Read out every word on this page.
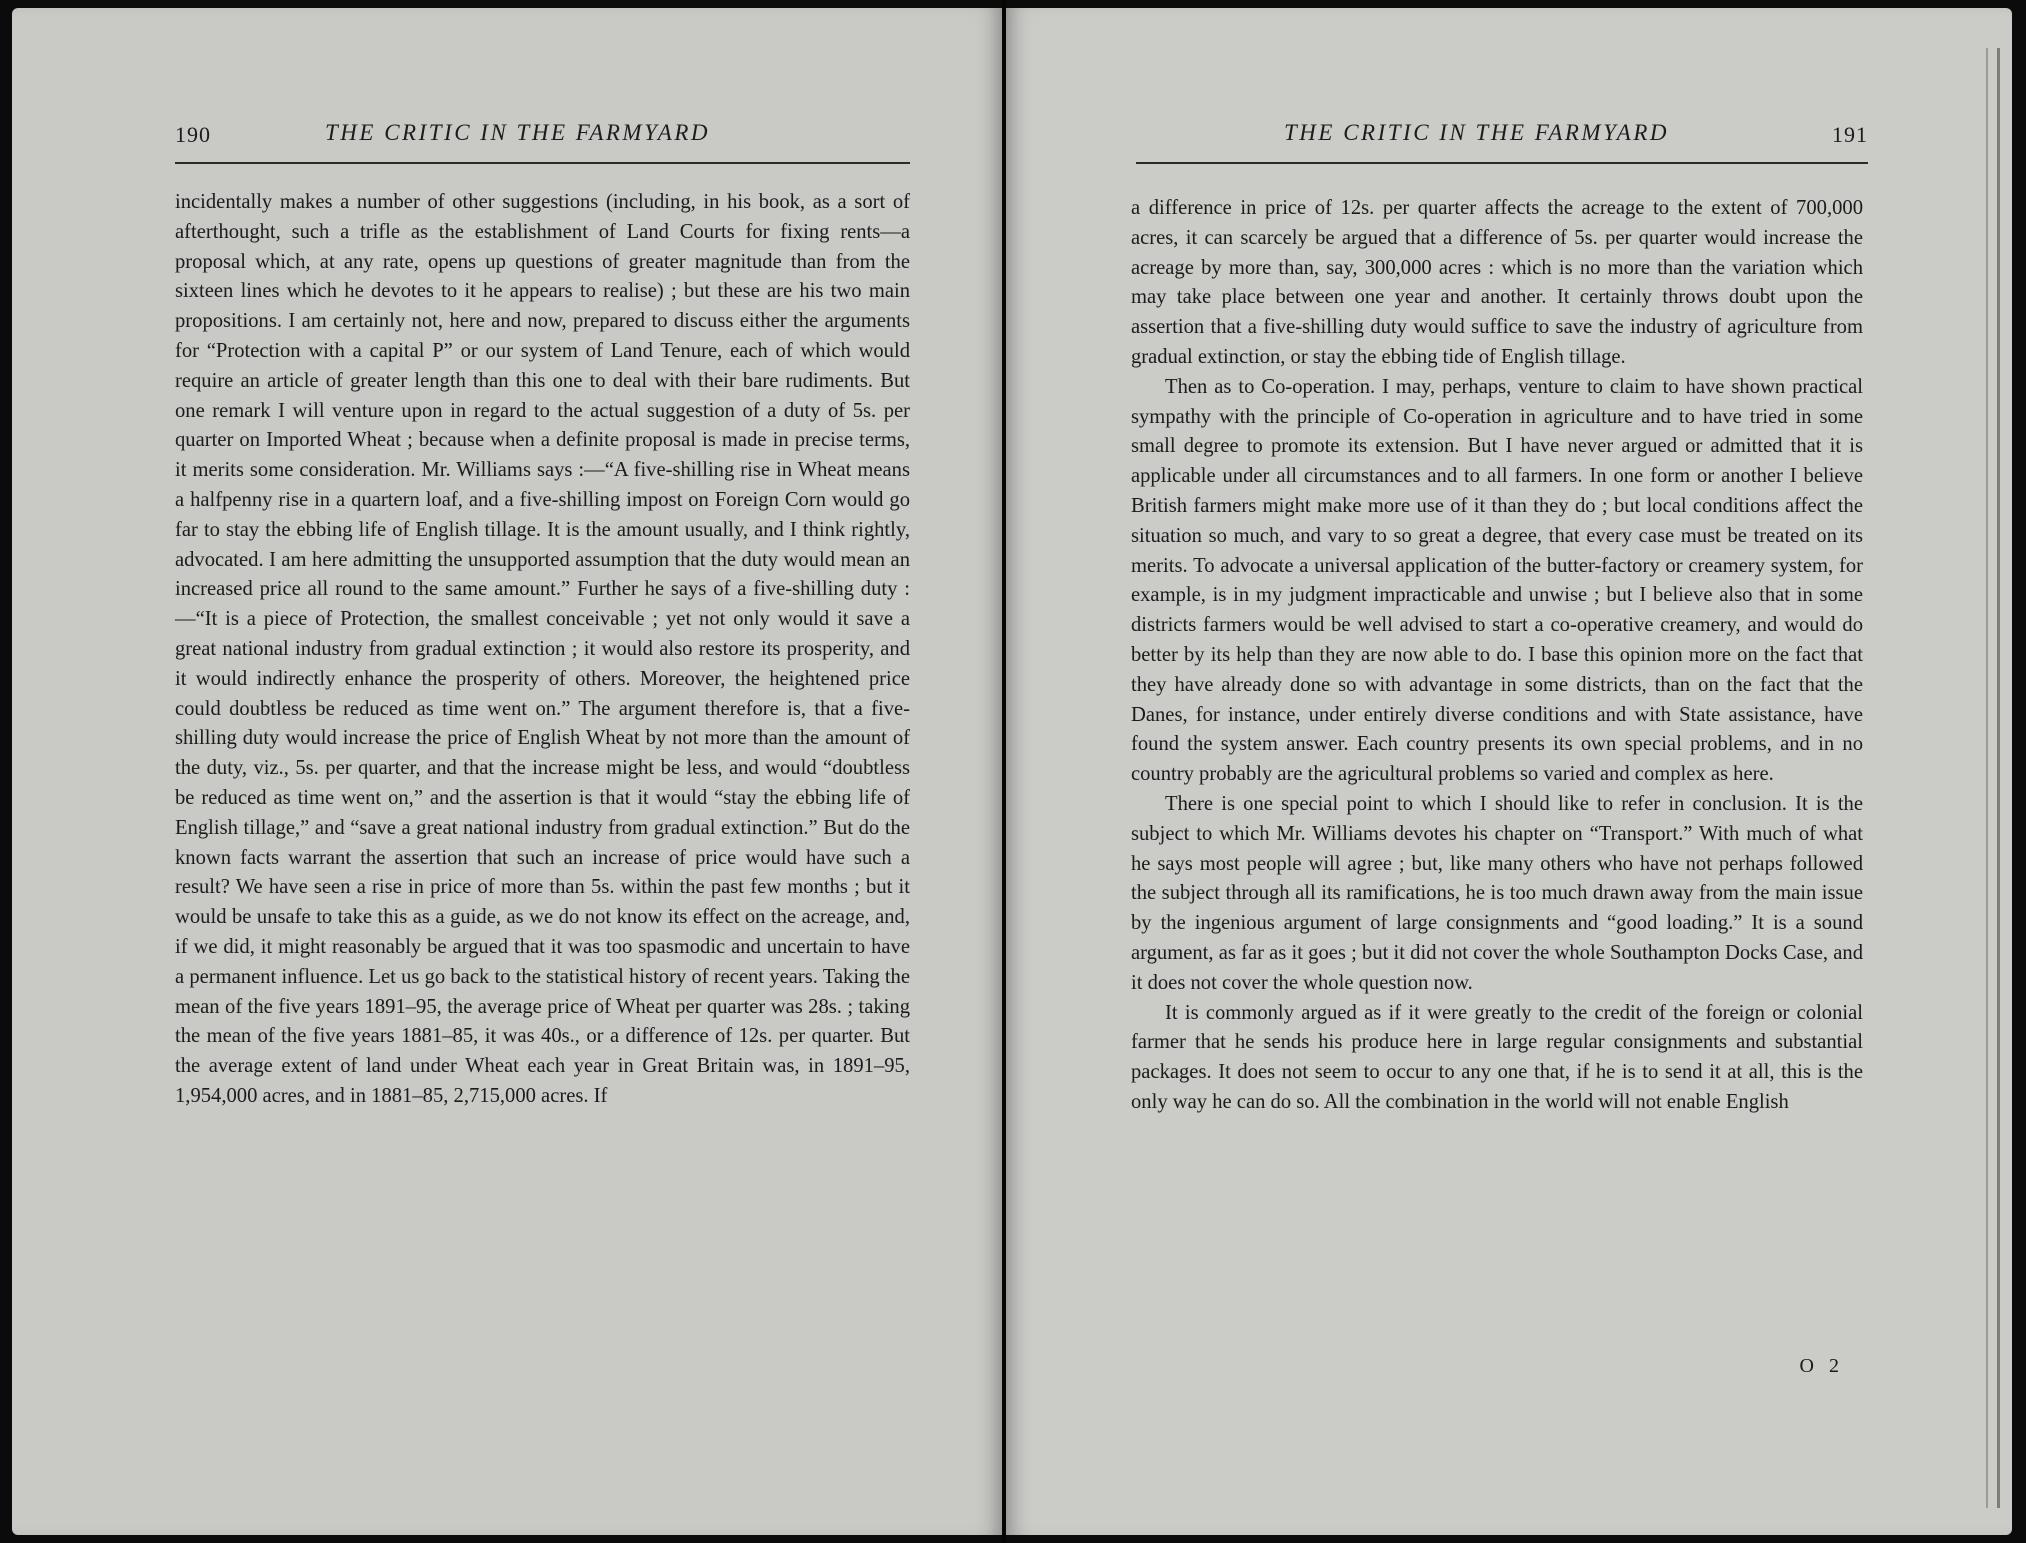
190	THE CRITIC IN THE FARMYARD

incidentally makes a number of other suggestions (including, in his book, as a sort of afterthought, such a trifle as the establishment of Land Courts for fixing rents—a proposal which, at any rate, opens up questions of greater magnitude than from the sixteen lines which he devotes to it he appears to realise) ; but these are his two main propositions. I am certainly not, here and now, prepared to discuss either the arguments for “Protection with a capital P” or our system of Land Tenure, each of which would require an article of greater length than this one to deal with their bare rudiments. But one remark I will venture upon in regard to the actual suggestion of a duty of 5s. per quarter on Imported Wheat ; because when a definite proposal is made in precise terms, it merits some consideration. Mr. Williams says :—“A five-shilling rise in Wheat means a halfpenny rise in a quartern loaf, and a five-shilling impost on Foreign Corn would go far to stay the ebbing life of English tillage. It is the amount usually, and I think rightly, advocated. I am here admitting the unsupported assumption that the duty would mean an increased price all round to the same amount.” Further he says of a five-shilling duty :—“It is a piece of Protection, the smallest conceivable ; yet not only would it save a great national industry from gradual extinction ; it would also restore its prosperity, and it would indirectly enhance the prosperity of others. Moreover, the heightened price could doubtless be reduced as time went on.” The argument therefore is, that a five-shilling duty would increase the price of English Wheat by not more than the amount of the duty, viz., 5s. per quarter, and that the increase might be less, and would “doubtless be reduced as time went on,” and the assertion is that it would “stay the ebbing life of English tillage,” and “save a great national industry from gradual extinction.” But do the known facts warrant the assertion that such an increase of price would have such a result? We have seen a rise in price of more than 5s. within the past few months ; but it would be unsafe to take this as a guide, as we do not know its effect on the acreage, and, if we did, it might reasonably be argued that it was too spasmodic and uncertain to have a permanent influence. Let us go back to the statistical history of recent years. Taking the mean of the five years 1891–95, the average price of Wheat per quarter was 28s. ; taking the mean of the five years 1881–85, it was 40s., or a difference of 12s. per quarter. But the average extent of land under Wheat each year in Great Britain was, in 1891–95, 1,954,000 acres, and in 1881–85, 2,715,000 acres. If

THE CRITIC IN THE FARMYARD	191

a difference in price of 12s. per quarter affects the acreage to the extent of 700,000 acres, it can scarcely be argued that a difference of 5s. per quarter would increase the acreage by more than, say, 300,000 acres : which is no more than the variation which may take place between one year and another. It certainly throws doubt upon the assertion that a five-shilling duty would suffice to save the industry of agriculture from gradual extinction, or stay the ebbing tide of English tillage.

Then as to Co-operation. I may, perhaps, venture to claim to have shown practical sympathy with the principle of Co-operation in agriculture and to have tried in some small degree to promote its extension. But I have never argued or admitted that it is applicable under all circumstances and to all farmers. In one form or another I believe British farmers might make more use of it than they do ; but local conditions affect the situation so much, and vary to so great a degree, that every case must be treated on its merits. To advocate a universal application of the butter-factory or creamery system, for example, is in my judgment impracticable and unwise ; but I believe also that in some districts farmers would be well advised to start a co-operative creamery, and would do better by its help than they are now able to do. I base this opinion more on the fact that they have already done so with advantage in some districts, than on the fact that the Danes, for instance, under entirely diverse conditions and with State assistance, have found the system answer. Each country presents its own special problems, and in no country probably are the agricultural problems so varied and complex as here.

There is one special point to which I should like to refer in conclusion. It is the subject to which Mr. Williams devotes his chapter on “Transport.” With much of what he says most people will agree ; but, like many others who have not perhaps followed the subject through all its ramifications, he is too much drawn away from the main issue by the ingenious argument of large consignments and “good loading.” It is a sound argument, as far as it goes ; but it did not cover the whole Southampton Docks Case, and it does not cover the whole question now.

It is commonly argued as if it were greatly to the credit of the foreign or colonial farmer that he sends his produce here in large regular consignments and substantial packages. It does not seem to occur to any one that, if he is to send it at all, this is the only way he can do so. All the combination in the world will not enable English

O 2
